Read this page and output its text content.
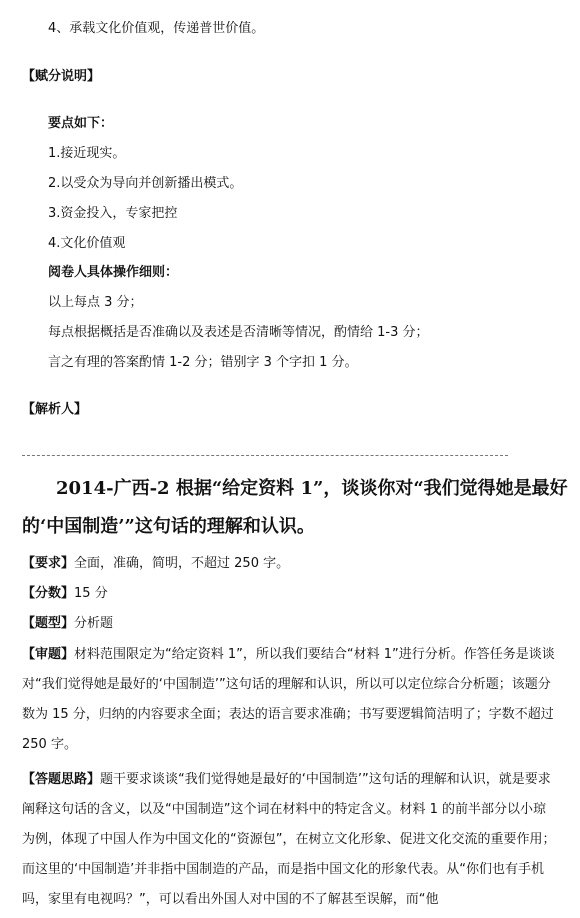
4、承载文化价值观，传递普世价值。
【赋分说明】
要点如下：
1.接近现实。
2.以受众为导向并创新播出模式。
3.资金投入，专家把控
4.文化价值观
阅卷人具体操作细则：
以上每点 3 分；
每点根据概括是否准确以及表述是否清晰等情况，酌情给 1-3 分；
言之有理的答案酌情 1-2 分；错别字 3 个字扣 1 分。
【解析人】
2014-广西-2 根据“给定资料 1”，谈谈你对“我们觉得她是最好
的‘中国制造’”这句话的理解和认识。
【要求】全面，准确，简明，不超过 250 字。
【分数】15 分
【题型】分析题
【审题】材料范围限定为“给定资料 1”，所以我们要结合“材料 1”进行分析。作答任务是谈谈对“我们觉得她是最好的‘中国制造’”这句话的理解和认识，所以可以定位综合分析题；该题分数为 15 分，归纳的内容要求全面；表达的语言要求准确；书写要逻辑简洁明了；字数不超过 250 字。
【答题思路】题干要求谈谈“我们觉得她是最好的‘中国制造’”这句话的理解和认识，就是要求阐释这句话的含义，以及“中国制造”这个词在材料中的特定含义。材料 1 的前半部分以小琼为例，体现了中国人作为中国文化的“资源包”，在树立文化形象、促进文化交流的重要作用；而这里的‘中国制造’并非指中国制造的产品，而是指中国文化的形象代表。从“你们也有手机吗，家里有电视吗？”，可以看出外国人对中国的不了解甚至误解，而“他
